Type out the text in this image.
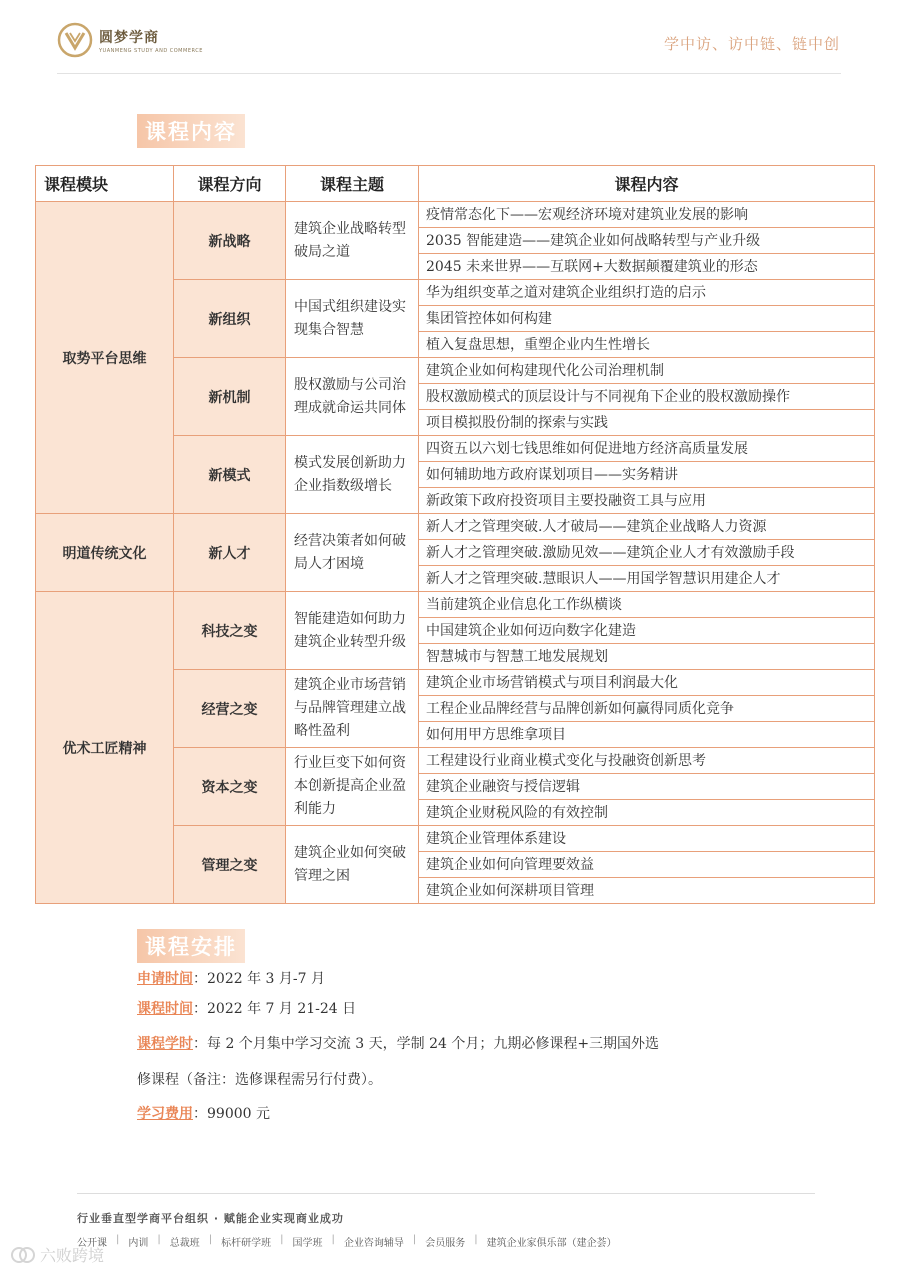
圆梦学商
YUANMENG STUDY AND COMMERCE	学中访、访中链、链中创
课程内容
课程模块	课程方向	课程主题	课程内容
取势平台思维	新战略	建筑企业战略转型破局之道	疫情常态化下——宏观经济环境对建筑业发展的影响
			2035 智能建造——建筑企业如何战略转型与产业升级
			2045 未来世界——互联网+大数据颠覆建筑业的形态
	新组织	中国式组织建设实现集合智慧	华为组织变革之道对建筑企业组织打造的启示
			集团管控体如何构建
			植入复盘思想，重塑企业内生性增长
	新机制	股权激励与公司治理成就命运共同体	建筑企业如何构建现代化公司治理机制
			股权激励模式的顶层设计与不同视角下企业的股权激励操作
			项目模拟股份制的探索与实践
	新模式	模式发展创新助力企业指数级增长	四资五以六划七钱思维如何促进地方经济高质量发展
			如何辅助地方政府谋划项目——实务精讲
			新政策下政府投资项目主要投融资工具与应用
明道传统文化	新人才	经营决策者如何破局人才困境	新人才之管理突破.人才破局——建筑企业战略人力资源
			新人才之管理突破.激励见效——建筑企业人才有效激励手段
			新人才之管理突破.慧眼识人——用国学智慧识用建企人才
优术工匠精神	科技之变	智能建造如何助力建筑企业转型升级	当前建筑企业信息化工作纵横谈
			中国建筑企业如何迈向数字化建造
			智慧城市与智慧工地发展规划
	经营之变	建筑企业市场营销与品牌管理建立战略性盈利	建筑企业市场营销模式与项目利润最大化
			工程企业品牌经营与品牌创新如何赢得同质化竞争
			如何用甲方思维拿项目
	资本之变	行业巨变下如何资本创新提高企业盈利能力	工程建设行业商业模式变化与投融资创新思考
			建筑企业融资与授信逻辑
			建筑企业财税风险的有效控制
	管理之变	建筑企业如何突破管理之困	建筑企业管理体系建设
			建筑企业如何向管理要效益
			建筑企业如何深耕项目管理
课程安排
申请时间：2022 年 3 月-7 月
课程时间：2022 年 7 月 21-24 日
课程学时：每 2 个月集中学习交流 3 天，学制 24 个月；九期必修课程+三期国外选
修课程（备注：选修课程需另行付费）。
学习费用：99000 元
行业垂直型学商平台组织 · 赋能企业实现商业成功
公开课 | 内训 | 总裁班 | 标杆研学班 | 国学班 | 企业咨询辅导 | 会员服务 | 建筑企业家俱乐部（建企荟）
六败跨境
